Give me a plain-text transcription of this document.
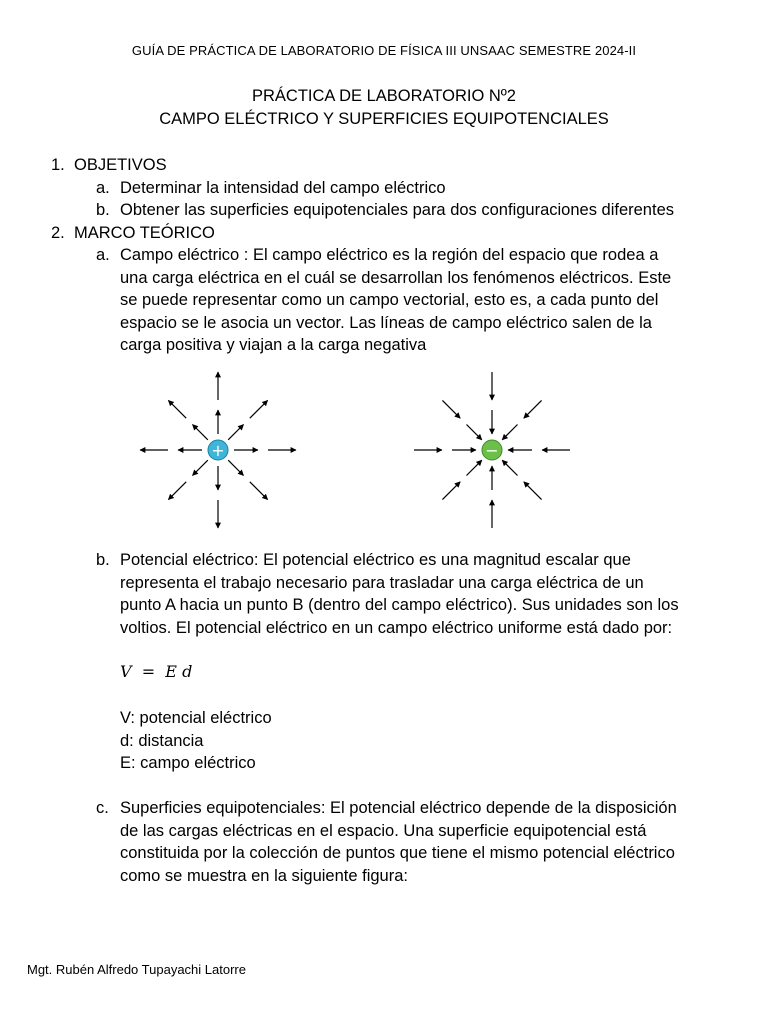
GUÍA DE PRÁCTICA DE LABORATORIO DE FÍSICA III UNSAAC SEMESTRE 2024-II
PRÁCTICA DE LABORATORIO Nº2
CAMPO ELÉCTRICO Y SUPERFICIES EQUIPOTENCIALES
1. OBJETIVOS
a. Determinar la intensidad del campo eléctrico
b. Obtener las superficies equipotenciales para dos configuraciones diferentes
2. MARCO TEÓRICO
a. Campo eléctrico : El campo eléctrico es la región del espacio que rodea a
una carga eléctrica en el cuál se desarrollan los fenómenos eléctricos. Este
se puede representar como un campo vectorial, esto es, a cada punto del
espacio se le asocia un vector. Las líneas de campo eléctrico salen de la
carga positiva y viajan a la carga negativa
+	−
b. Potencial eléctrico: El potencial eléctrico es una magnitud escalar que
representa el trabajo necesario para trasladar una carga eléctrica de un
punto A hacia un punto B (dentro del campo eléctrico). Sus unidades son los
voltios. El potencial eléctrico en un campo eléctrico uniforme está dado por:
V  =  E d
V: potencial eléctrico
d: distancia
E: campo eléctrico
c. Superficies equipotenciales: El potencial eléctrico depende de la disposición
de las cargas eléctricas en el espacio. Una superficie equipotencial está
constituida por la colección de puntos que tiene el mismo potencial eléctrico
como se muestra en la siguiente figura:
Mgt. Rubén Alfredo Tupayachi Latorre
